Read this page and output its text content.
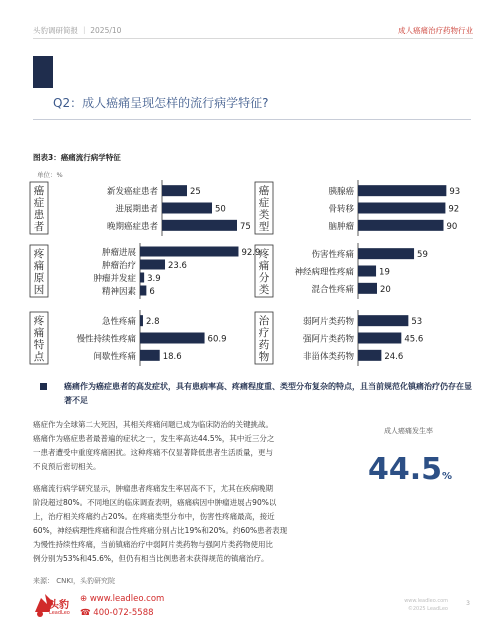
头豹调研简报 ｜ 2025/10	成人癌痛治疗药物行业
Q2：成人癌痛呈现怎样的流行病学特征?
图表3：癌痛流行病学特征
单位：%
癌
症
患
者
新发癌症患者	25
进展期患者	50
晚期癌症患者	75
疼
痛
原
因
肿瘤进展	92.9
肿瘤治疗	23.6
肿瘤并发症 3.9
精神因素 6
疼
痛
特
点
急性疼痛 2.8
慢性持续性疼痛	60.9
间歇性疼痛	18.6
癌
症
类
型
胰腺癌	93
骨转移	92
脑肿瘤	90
疼
痛
分
类
伤害性疼痛	59
神经病理性疼痛	19
混合性疼痛	20
治
疗
药
物
弱阿片类药物	53
强阿片类药物	45.6
非甾体类药物	24.6
癌痛作为癌症患者的高发症状，具有患病率高、疼痛程度重、类型分布复杂的特点，且当前规范化镇痛治疗仍存在显著不足
癌症作为全球第二大死因，其相关疼痛问题已成为临床防治的关键挑战。
癌痛作为癌症患者最普遍的症状之一，发生率高达44.5%，其中近三分之
一患者遭受中重度疼痛困扰。这种疼痛不仅显著降低患者生活质量，更与
不良预后密切相关。
癌痛流行病学研究显示，肿瘤患者疼痛发生率居高不下，尤其在疾病晚期
阶段超过80%。不同地区的临床调查表明，癌痛病因中肿瘤进展占90%以
上，治疗相关疼痛约占20%。在疼痛类型分布中，伤害性疼痛最高，接近
60%，神经病理性疼痛和混合性疼痛分别占比19%和20%。约60%患者表现
为慢性持续性疼痛，当前镇痛治疗中弱阿片类药物与强阿片类药物使用比
例分别为53%和45.6%，但仍有相当比例患者未获得规范的镇痛治疗。
成人癌痛发生率
44.5%
来源： CNKI，头豹研究院
头豹
LeadLeo
⊕ www.leadleo.com
☎ 400-072-5588
www.leadleo.com
©2025 LeadLeo
3
